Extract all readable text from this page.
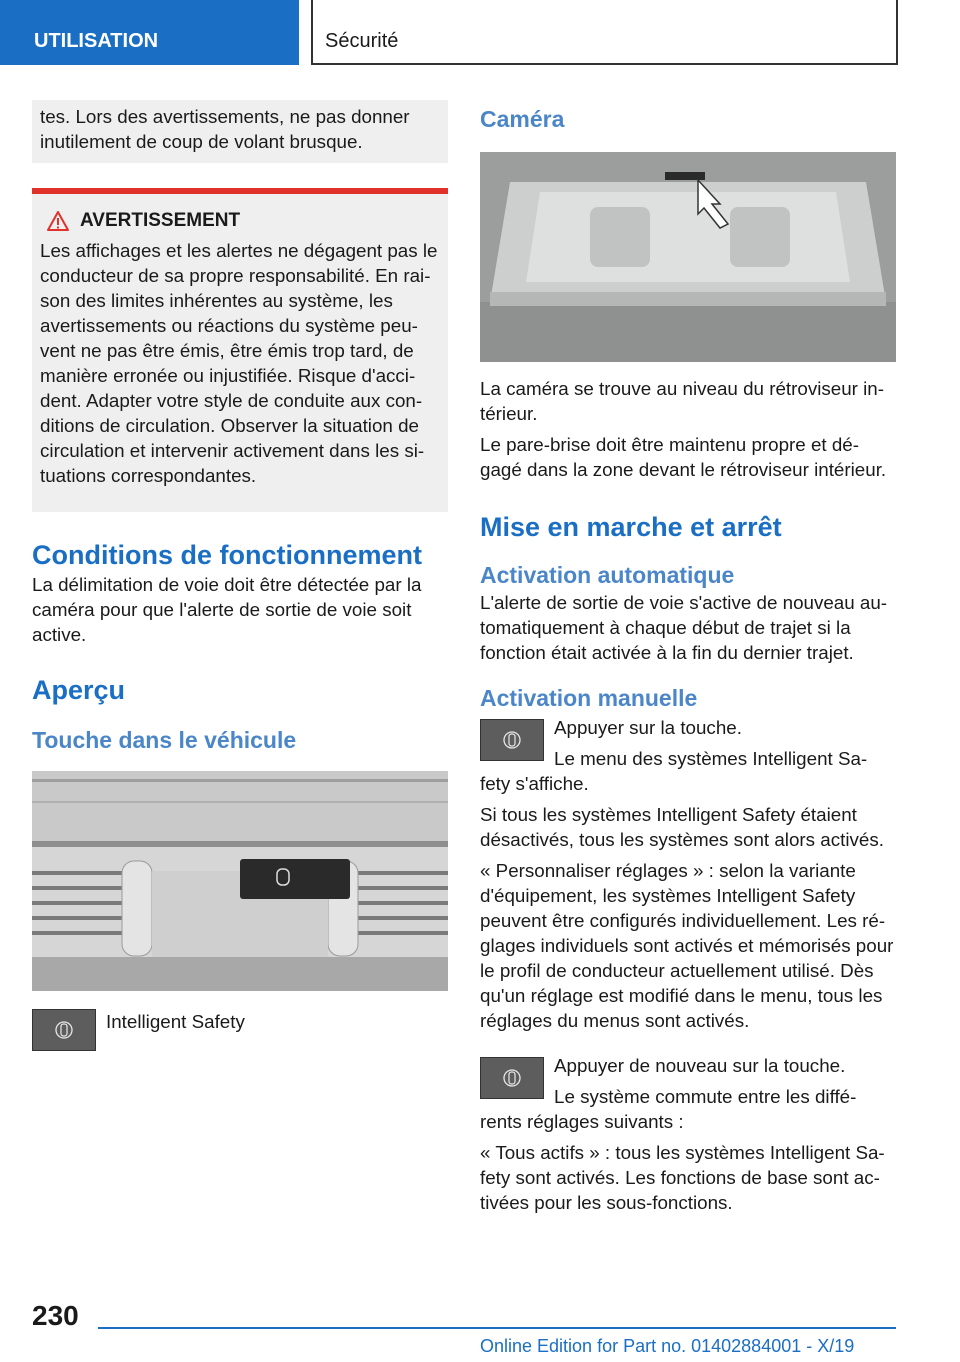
UTILISATION	Sécurité

tes. Lors des avertissements, ne pas donner inutilement de coup de volant brusque.

AVERTISSEMENT

Les affichages et les alertes ne dégagent pas le conducteur de sa propre responsabilité. En rai-son des limites inhérentes au système, les avertissements ou réactions du système peu-vent ne pas être émis, être émis trop tard, de manière erronée ou injustifiée. Risque d'acci-dent. Adapter votre style de conduite aux con-ditions de circulation. Observer la situation de circulation et intervenir activement dans les si-tuations correspondantes.

Conditions de fonctionnement

La délimitation de voie doit être détectée par la caméra pour que l'alerte de sortie de voie soit active.

Aperçu
Touche dans le véhicule

Intelligent Safety

Caméra

La caméra se trouve au niveau du rétroviseur in-térieur.

Le pare-brise doit être maintenu propre et dé-gagé dans la zone devant le rétroviseur intérieur.

Mise en marche et arrêt
Activation automatique

L'alerte de sortie de voie s'active de nouveau au-tomatiquement à chaque début de trajet si la fonction était activée à la fin du dernier trajet.

Activation manuelle

Appuyer sur la touche.

Le menu des systèmes Intelligent Sa-

fety s'affiche.

Si tous les systèmes Intelligent Safety étaient désactivés, tous les systèmes sont alors activés.

« Personnaliser réglages » : selon la variante d'équipement, les systèmes Intelligent Safety peuvent être configurés individuellement. Les ré-glages individuels sont activés et mémorisés pour le profil de conducteur actuellement utilisé. Dès qu'un réglage est modifié dans le menu, tous les réglages du menus sont activés.

Appuyer de nouveau sur la touche.

Le système commute entre les diffé-

rents réglages suivants :

« Tous actifs » : tous les systèmes Intelligent Sa-fety sont activés. Les fonctions de base sont ac-tivées pour les sous-fonctions.

230
Online Edition for Part no. 01402884001 - X/19
